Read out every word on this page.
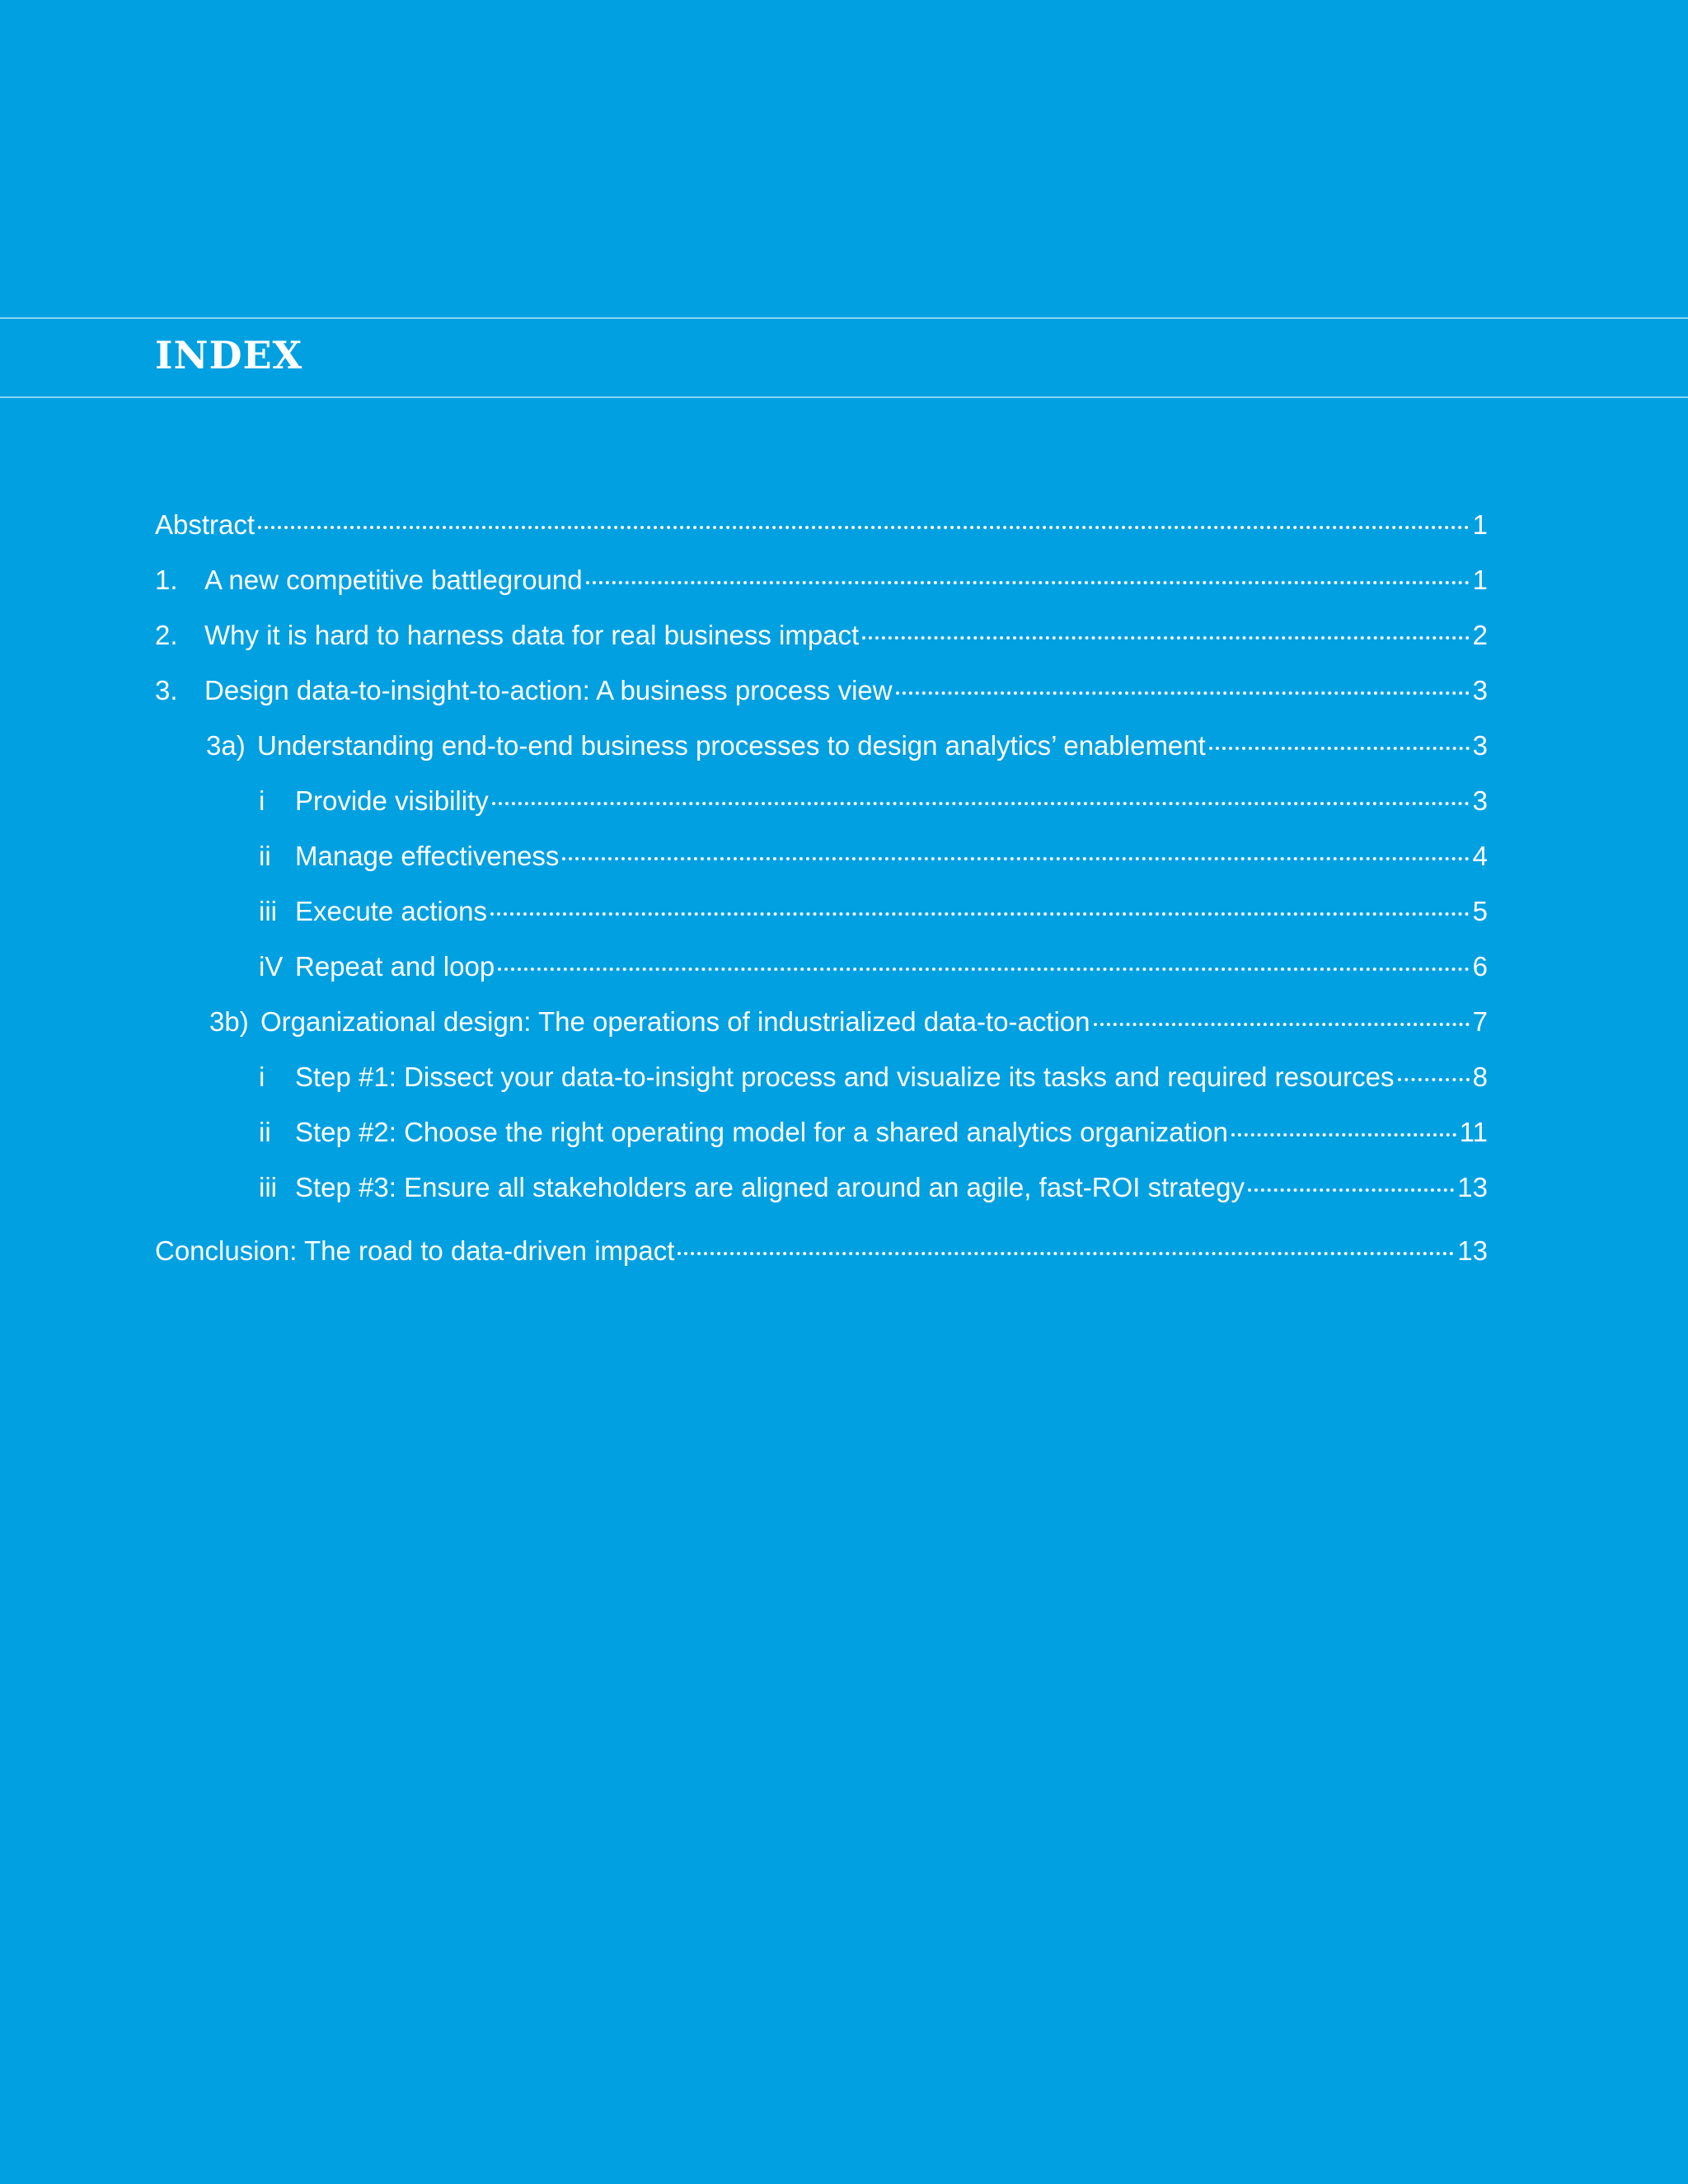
INDEX
Abstract	1
1. A new competitive battleground	1
2. Why it is hard to harness data for real business impact	2
3. Design data-to-insight-to-action: A business process view	3
3a) Understanding end-to-end business processes to design analytics’ enablement	3
i	Provide visibility	3
ii Manage effectiveness	4
iii Execute actions	5
iV Repeat and loop	6
3b) Organizational design: The operations of industrialized data-to-action	7
i	Step #1: Dissect your data-to-insight process and visualize its tasks and required resources	8
ii Step #2: Choose the right operating model for a shared analytics organization	11
iii Step #3: Ensure all stakeholders are aligned around an agile, fast-ROI strategy	13
Conclusion: The road to data-driven impact	13
